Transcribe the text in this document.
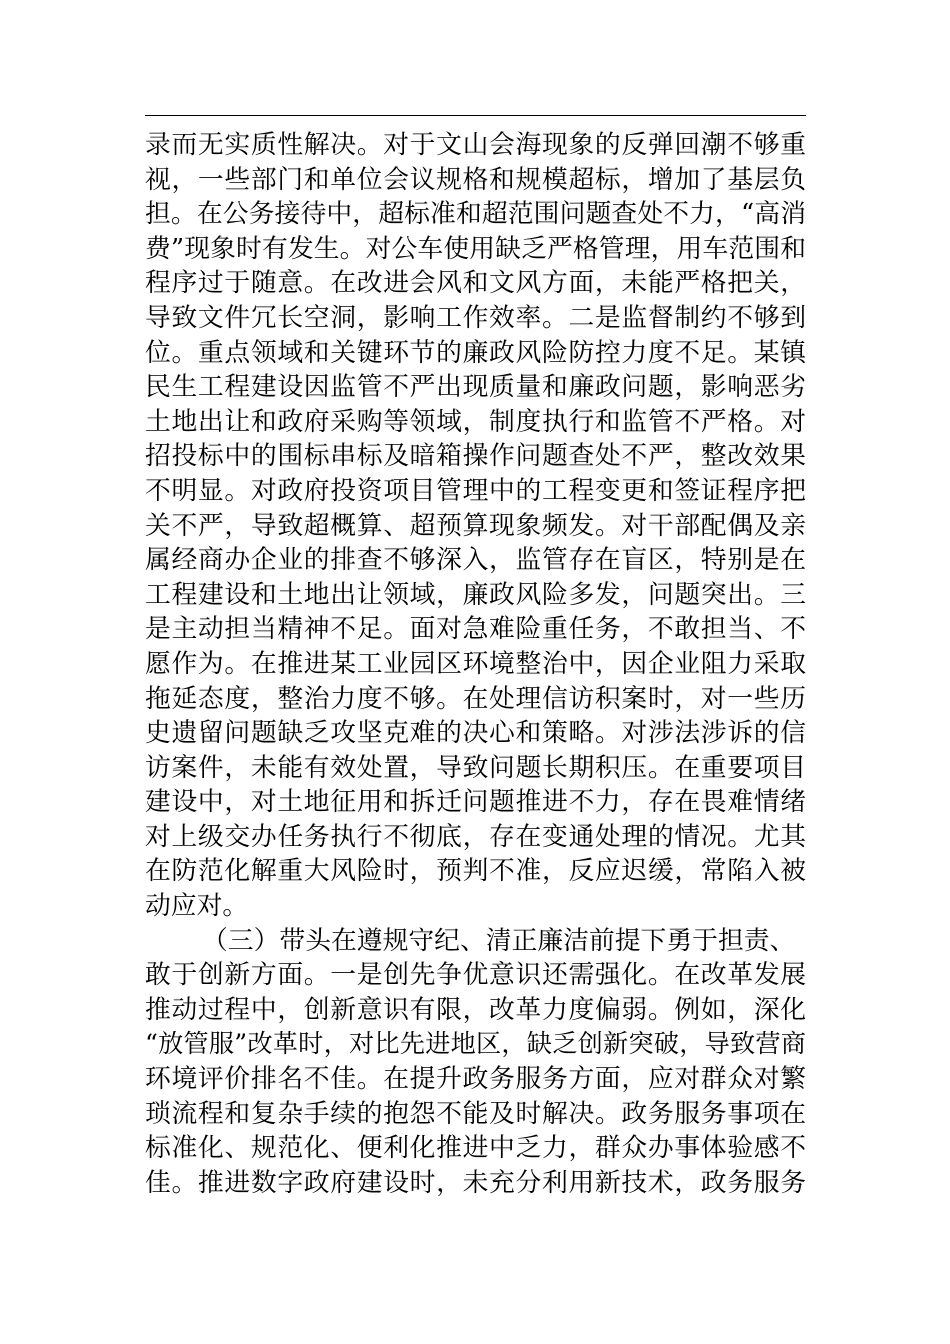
录而无实质性解决。对于文山会海现象的反弹回潮不够重
视，一些部门和单位会议规格和规模超标，增加了基层负
担。在公务接待中，超标准和超范围问题查处不力，“高消
费”现象时有发生。对公车使用缺乏严格管理，用车范围和
程序过于随意。在改进会风和文风方面，未能严格把关，
导致文件冗长空洞，影响工作效率。二是监督制约不够到
位。重点领域和关键环节的廉政风险防控力度不足。某镇
民生工程建设因监管不严出现质量和廉政问题，影响恶劣
土地出让和政府采购等领域，制度执行和监管不严格。对
招投标中的围标串标及暗箱操作问题查处不严，整改效果
不明显。对政府投资项目管理中的工程变更和签证程序把
关不严，导致超概算、超预算现象频发。对干部配偶及亲
属经商办企业的排查不够深入，监管存在盲区，特别是在
工程建设和土地出让领域，廉政风险多发，问题突出。三
是主动担当精神不足。面对急难险重任务，不敢担当、不
愿作为。在推进某工业园区环境整治中，因企业阻力采取
拖延态度，整治力度不够。在处理信访积案时，对一些历
史遗留问题缺乏攻坚克难的决心和策略。对涉法涉诉的信
访案件，未能有效处置，导致问题长期积压。在重要项目
建设中，对土地征用和拆迁问题推进不力，存在畏难情绪
对上级交办任务执行不彻底，存在变通处理的情况。尤其
在防范化解重大风险时，预判不准，反应迟缓，常陷入被
动应对。
（三）带头在遵规守纪、清正廉洁前提下勇于担责、
敢于创新方面。一是创先争优意识还需强化。在改革发展
推动过程中，创新意识有限，改革力度偏弱。例如，深化
“放管服”改革时，对比先进地区，缺乏创新突破，导致营商
环境评价排名不佳。在提升政务服务方面，应对群众对繁
琐流程和复杂手续的抱怨不能及时解决。政务服务事项在
标准化、规范化、便利化推进中乏力，群众办事体验感不
佳。推进数字政府建设时，未充分利用新技术，政务服务
